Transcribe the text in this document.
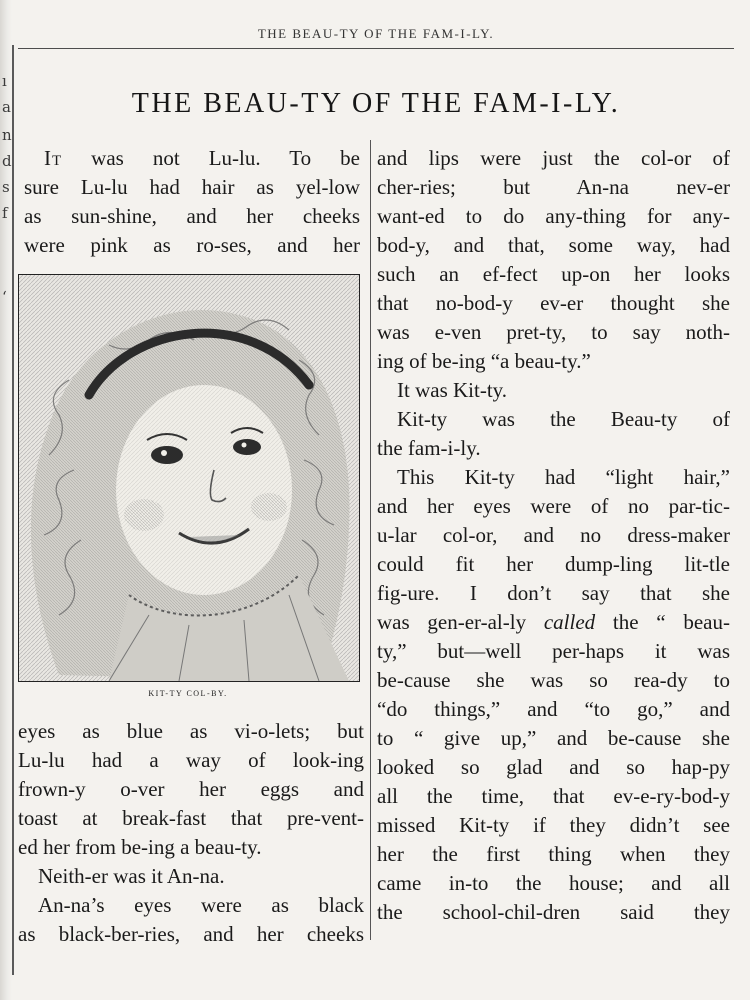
ı
a
n
d
s
f
ʻ
THE BEAU-TY OF THE FAM-I-LY.
THE BEAU-TY OF THE FAM-I-LY.
It was not Lu-lu. To be
sure Lu-lu had hair as yel-low
as sun-shine, and her cheeks
were pink as ro-ses, and her
KIT-TY COL-BY.
eyes as blue as vi-o-lets; but
Lu-lu had a way of look-ing
frown-y o-ver her eggs and
toast at break-fast that pre-vent-
ed her from be-ing a beau-ty.
Neith-er was it An-na.
An-na’s eyes were as black
as black-ber-ries, and her cheeks
and lips were just the col-or of
cher-ries; but An-na nev-er
want-ed to do any-thing for any-
bod-y, and that, some way, had
such an ef-fect up-on her looks
that no-bod-y ev-er thought she
was e-ven pret-ty, to say noth-
ing of be-ing “a beau-ty.”
It was Kit-ty.
Kit-ty was the Beau-ty of
the fam-i-ly.
This Kit-ty had “light hair,”
and her eyes were of no par-tic-
u-lar col-or, and no dress-maker
could fit her dump-ling lit-tle
fig-ure. I don’t say that she
was gen-er-al-ly called the “ beau-
ty,” but—well per-haps it was
be-cause she was so rea-dy to
“do things,” and “to go,” and
to “ give up,” and be-cause she
looked so glad and so hap-py
all the time, that ev-e-ry-bod-y
missed Kit-ty if they didn’t see
her the first thing when they
came in-to the house; and all
the school-chil-dren said they
